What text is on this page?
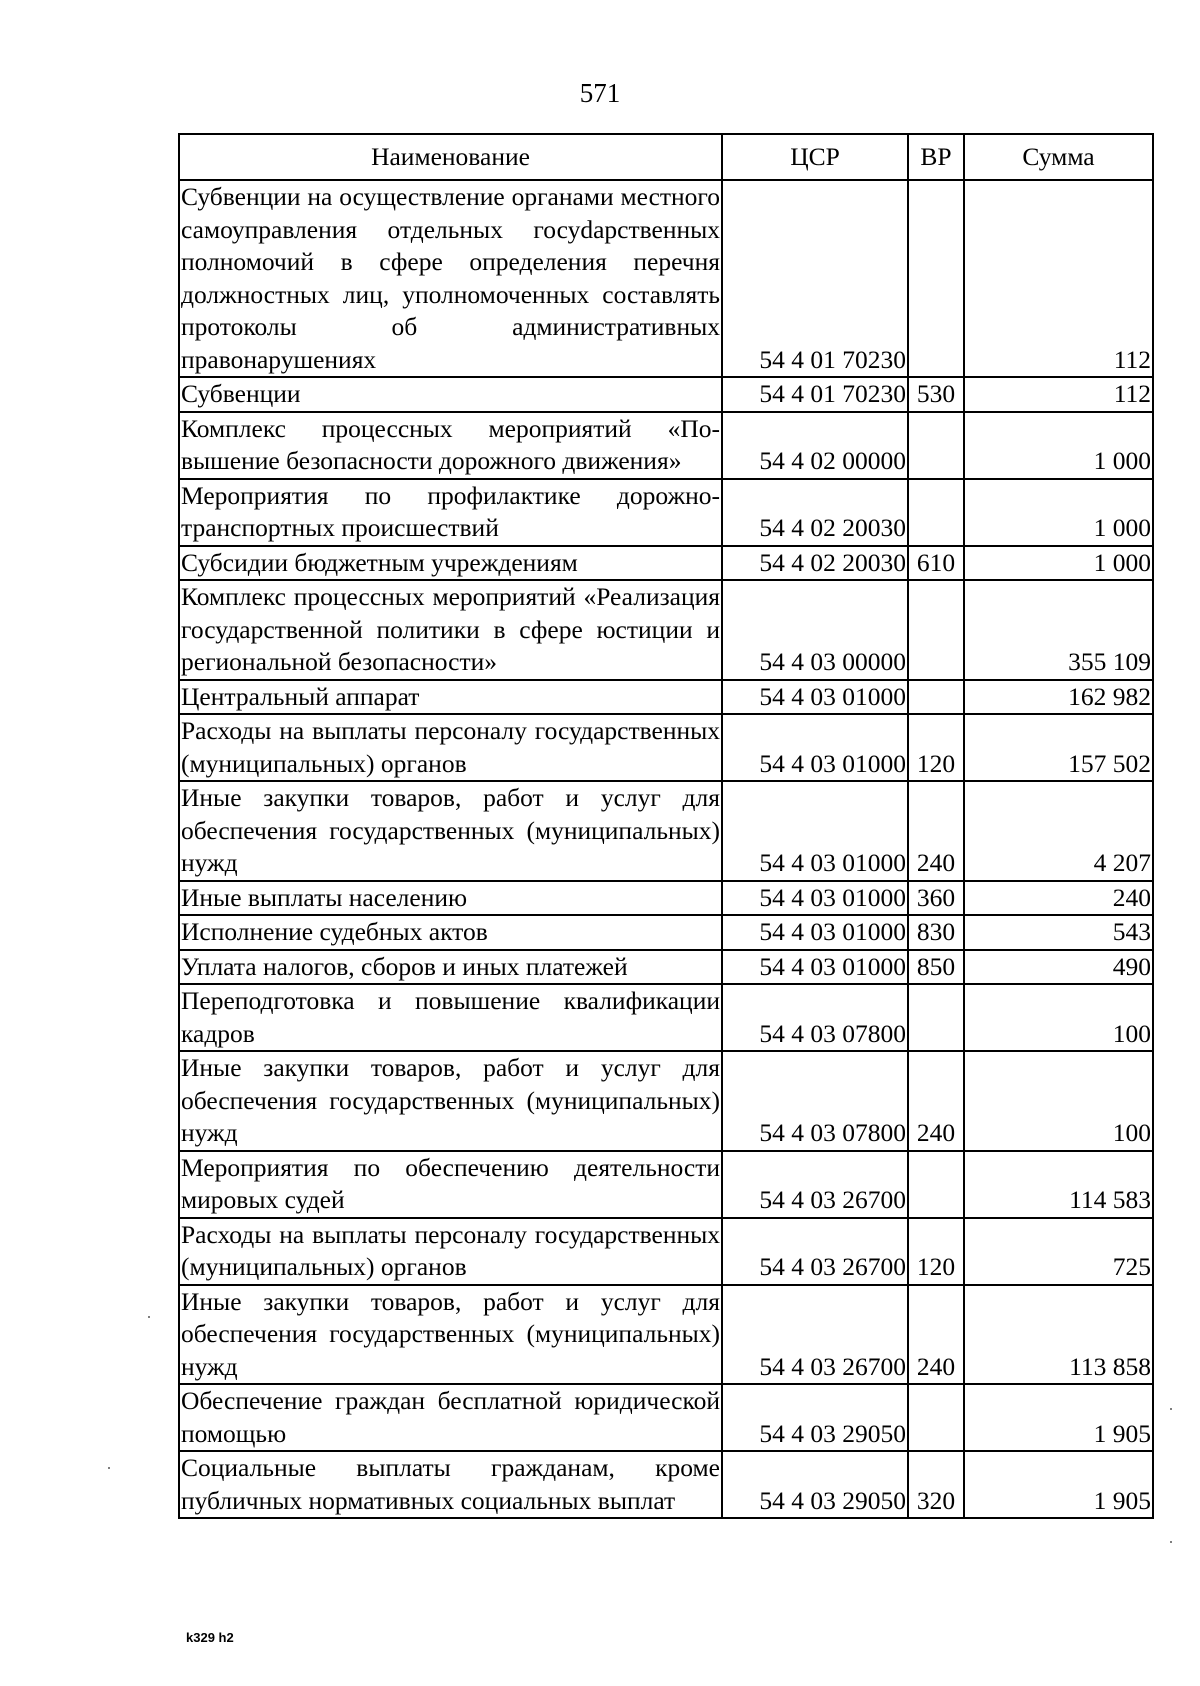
571
Наименование	ЦСР	ВР	Сумма
Субвенции на осуществление органами местного самоуправления отдельных госуdарственных полномочий в сфере определения перечня должностных лиц, уполномоченных составлять протоколы об административных правонарушениях	54 4 01 70230		112
Субвенции	54 4 01 70230	530	112
Комплекс процессных мероприятий «Повышение безопасности дорожного движения»	54 4 02 00000		1 000
Мероприятия по профилактике дорожно-транспортных происшествий	54 4 02 20030		1 000
Субсидии бюджетным учреждениям	54 4 02 20030	610	1 000
Комплекс процессных мероприятий «Реализация государственной политики в сфере юстиции и региональной безопасности»	54 4 03 00000		355 109
Центральный аппарат	54 4 03 01000		162 982
Расходы на выплаты персоналу государственных (муниципальных) органов	54 4 03 01000	120	157 502
Иные закупки товаров, работ и услуг для обеспечения государственных (муниципальных) нужд	54 4 03 01000	240	4 207
Иные выплаты населению	54 4 03 01000	360	240
Исполнение судебных актов	54 4 03 01000	830	543
Уплата налогов, сборов и иных платежей	54 4 03 01000	850	490
Переподготовка и повышение квалификации кадров	54 4 03 07800		100
Иные закупки товаров, работ и услуг для обеспечения государственных (муниципальных) нужд	54 4 03 07800	240	100
Мероприятия по обеспечению деятельности мировых судей	54 4 03 26700		114 583
Расходы на выплаты персоналу государственных (муниципальных) органов	54 4 03 26700	120	725
Иные закупки товаров, работ и услуг для обеспечения государственных (муниципальных) нужд	54 4 03 26700	240	113 858
Обеспечение граждан бесплатной юридической помощью	54 4 03 29050		1 905
Социальные выплаты гражданам, кроме публичных нормативных социальных выплат	54 4 03 29050	320	1 905
k329 h2
